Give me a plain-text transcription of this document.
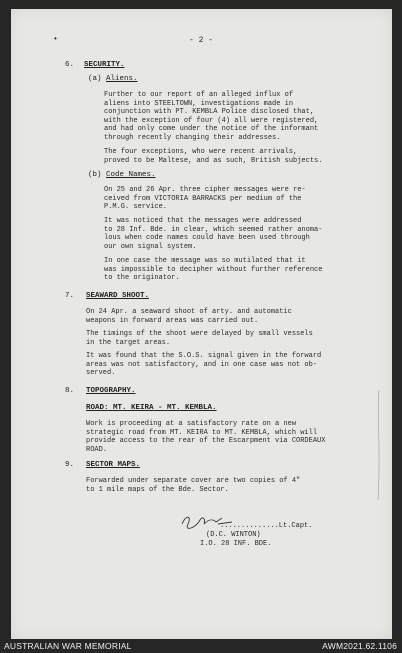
•	- 2 -
6. SECURITY.
(a) Aliens.
Further to our report of an alleged influx of
aliens into STEELTOWN, investigations made in
conjunction with PT. KEMBLA Police disclosed that,
with the exception of four (4) all were registered,
and had only come under the notice of the informant
through recently changing their addresses.
The four exceptions, who were recent arrivals,
proved to be Maltese, and as such, British subjects.
(b) Code Names.
On 25 and 26 Apr. three cipher messages were re-
ceived from VICTORIA BARRACKS per medium of the
P.M.G. service.
It was noticed that the messages were addressed
to 28 Inf. Bde. in clear, which seemed rather anoma-
lous when code names could have been used through
our own signal system.
In one case the message was so mutilated that it
was impossible to decipher without further reference
to the originator.
7. SEAWARD SHOOT.
On 24 Apr. a seaward shoot of arty. and automatic
weapons in forward areas was carried out.
The timings of the shoot were delayed by small vessels
in the target areas.
It was found that the S.O.S. signal given in the forward
areas was not satisfactory, and in one case was not ob-
served.
8. TOPOGRAPHY.
ROAD: MT. KEIRA - MT. KEMBLA.
Work is proceeding at a satisfactory rate on a new
strategic road from MT. KEIRA to MT. KEMBLA, which will
provide access to the rear of the Escarpment via CORDEAUX
ROAD.
9. SECTOR MAPS.
Forwarded under separate cover are two copies of 4"
to 1 mile maps of the Bde. Sector.
..............Lt.Capt.
(D.C. WINTON)
I.O. 28 INF. BDE.
AUSTRALIAN WAR MEMORIAL	AWM2021.62.1106
